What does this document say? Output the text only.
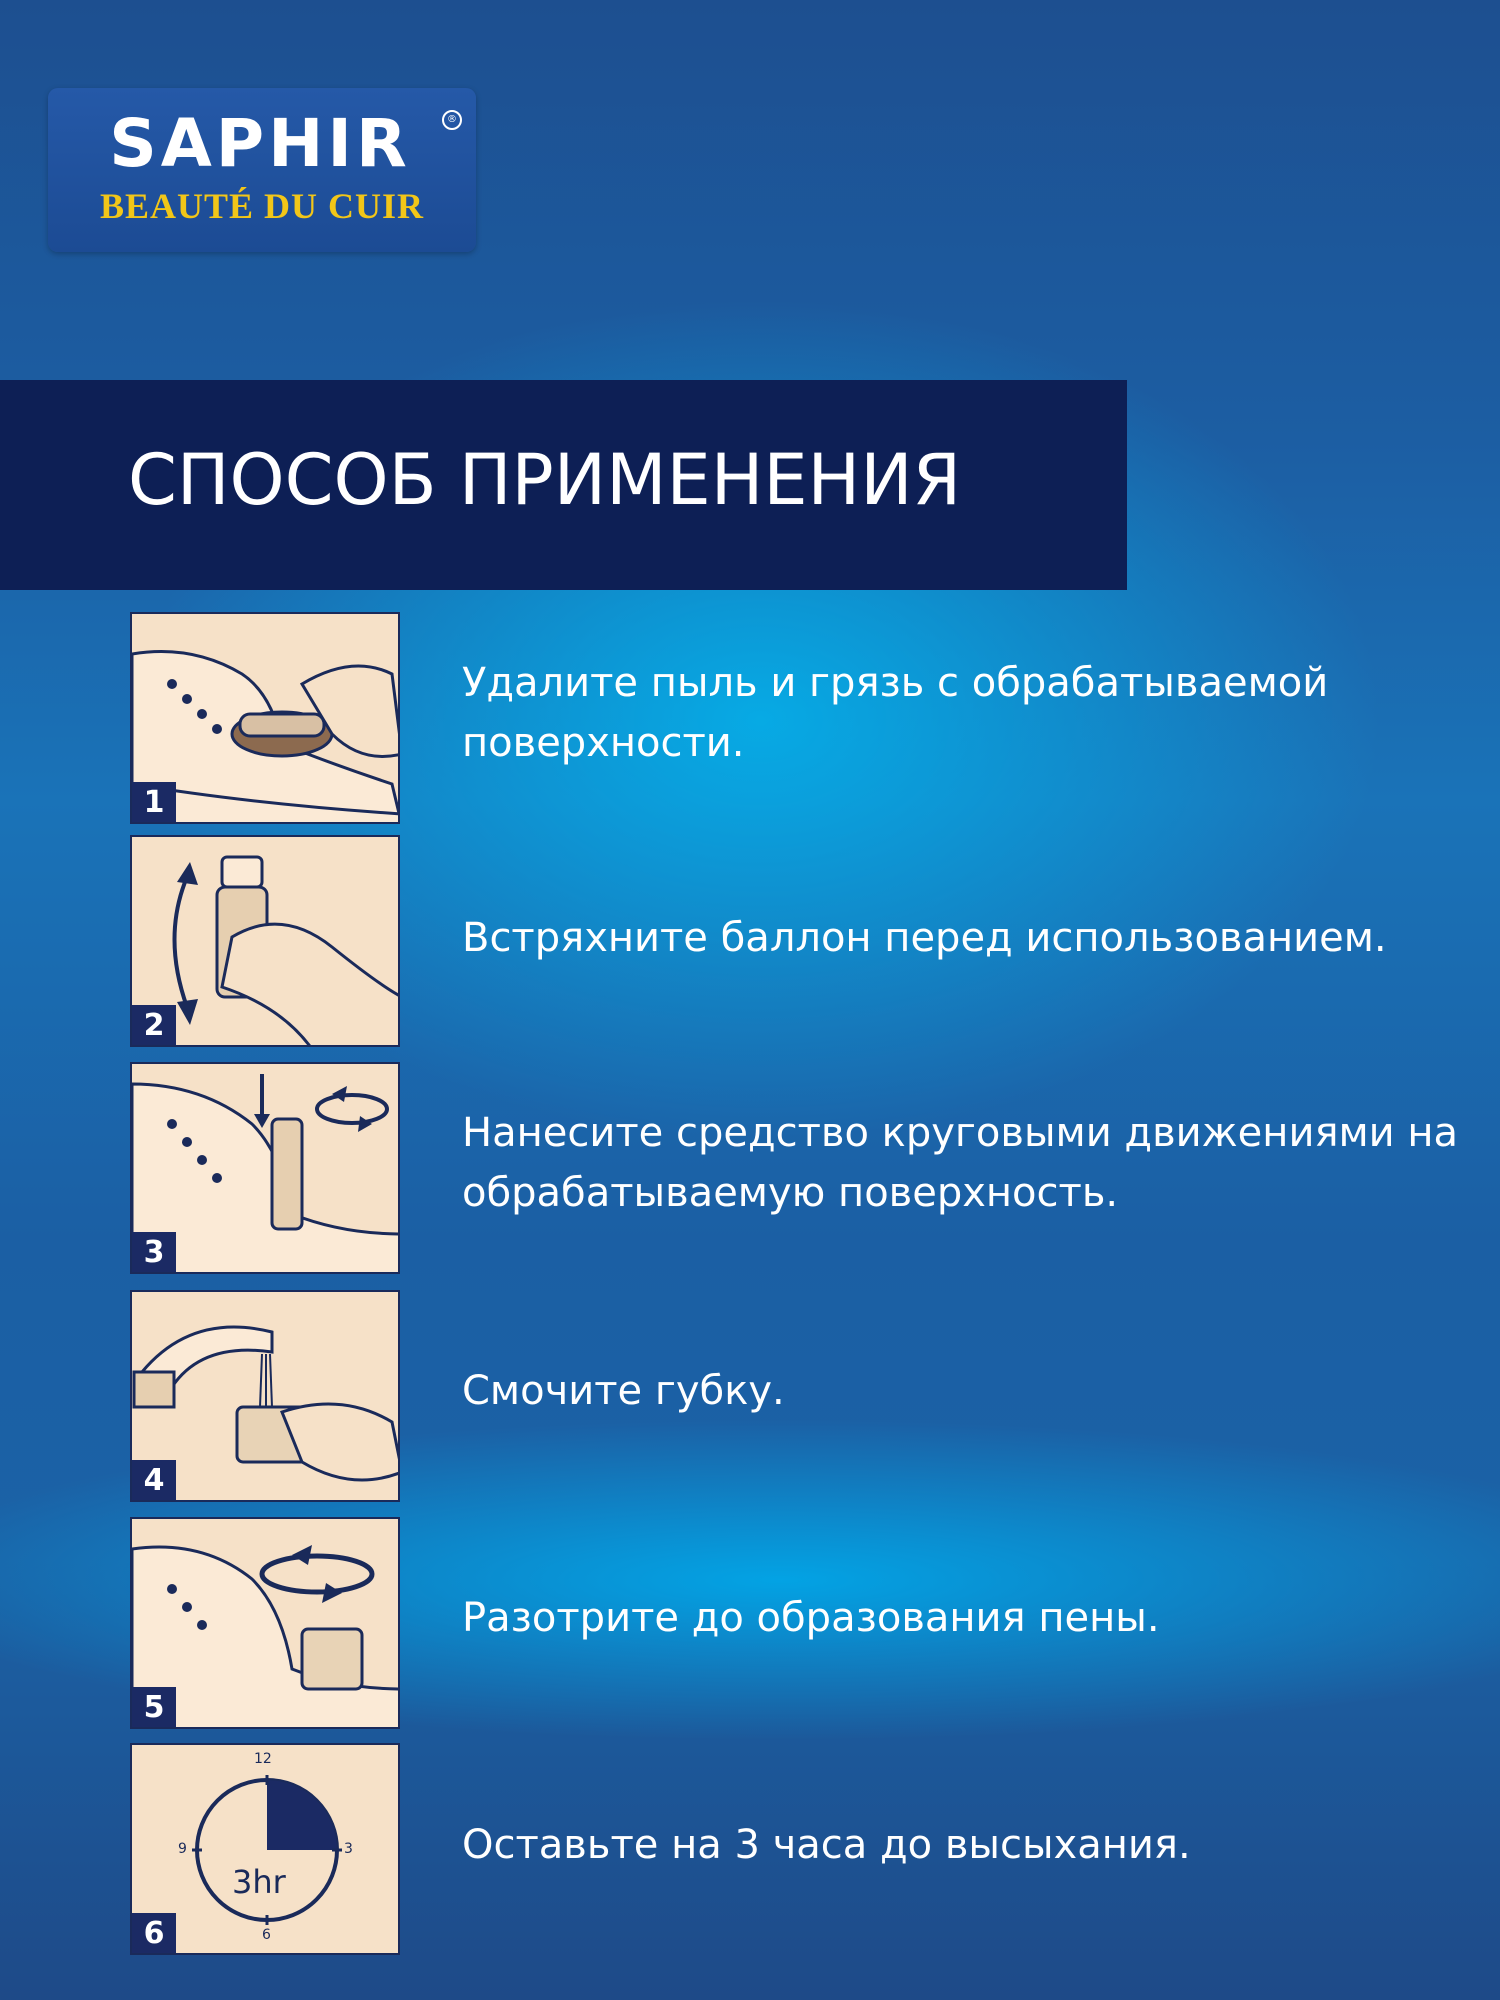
SAPHIR	®
BEAUTÉ DU CUIR
СПОСОБ ПРИМЕНЕНИЯ
1
Удалите пыль и грязь с обрабатываемой поверхности.
2
Встряхните баллон перед использованием.
3
Нанесите средство круговыми движениями на обрабатываемую поверхность.
4
Смочите губку.
5
Разотрите до образования пены.
12
3
6
9
3hr
6
Оставьте на 3 часа до высыхания.
